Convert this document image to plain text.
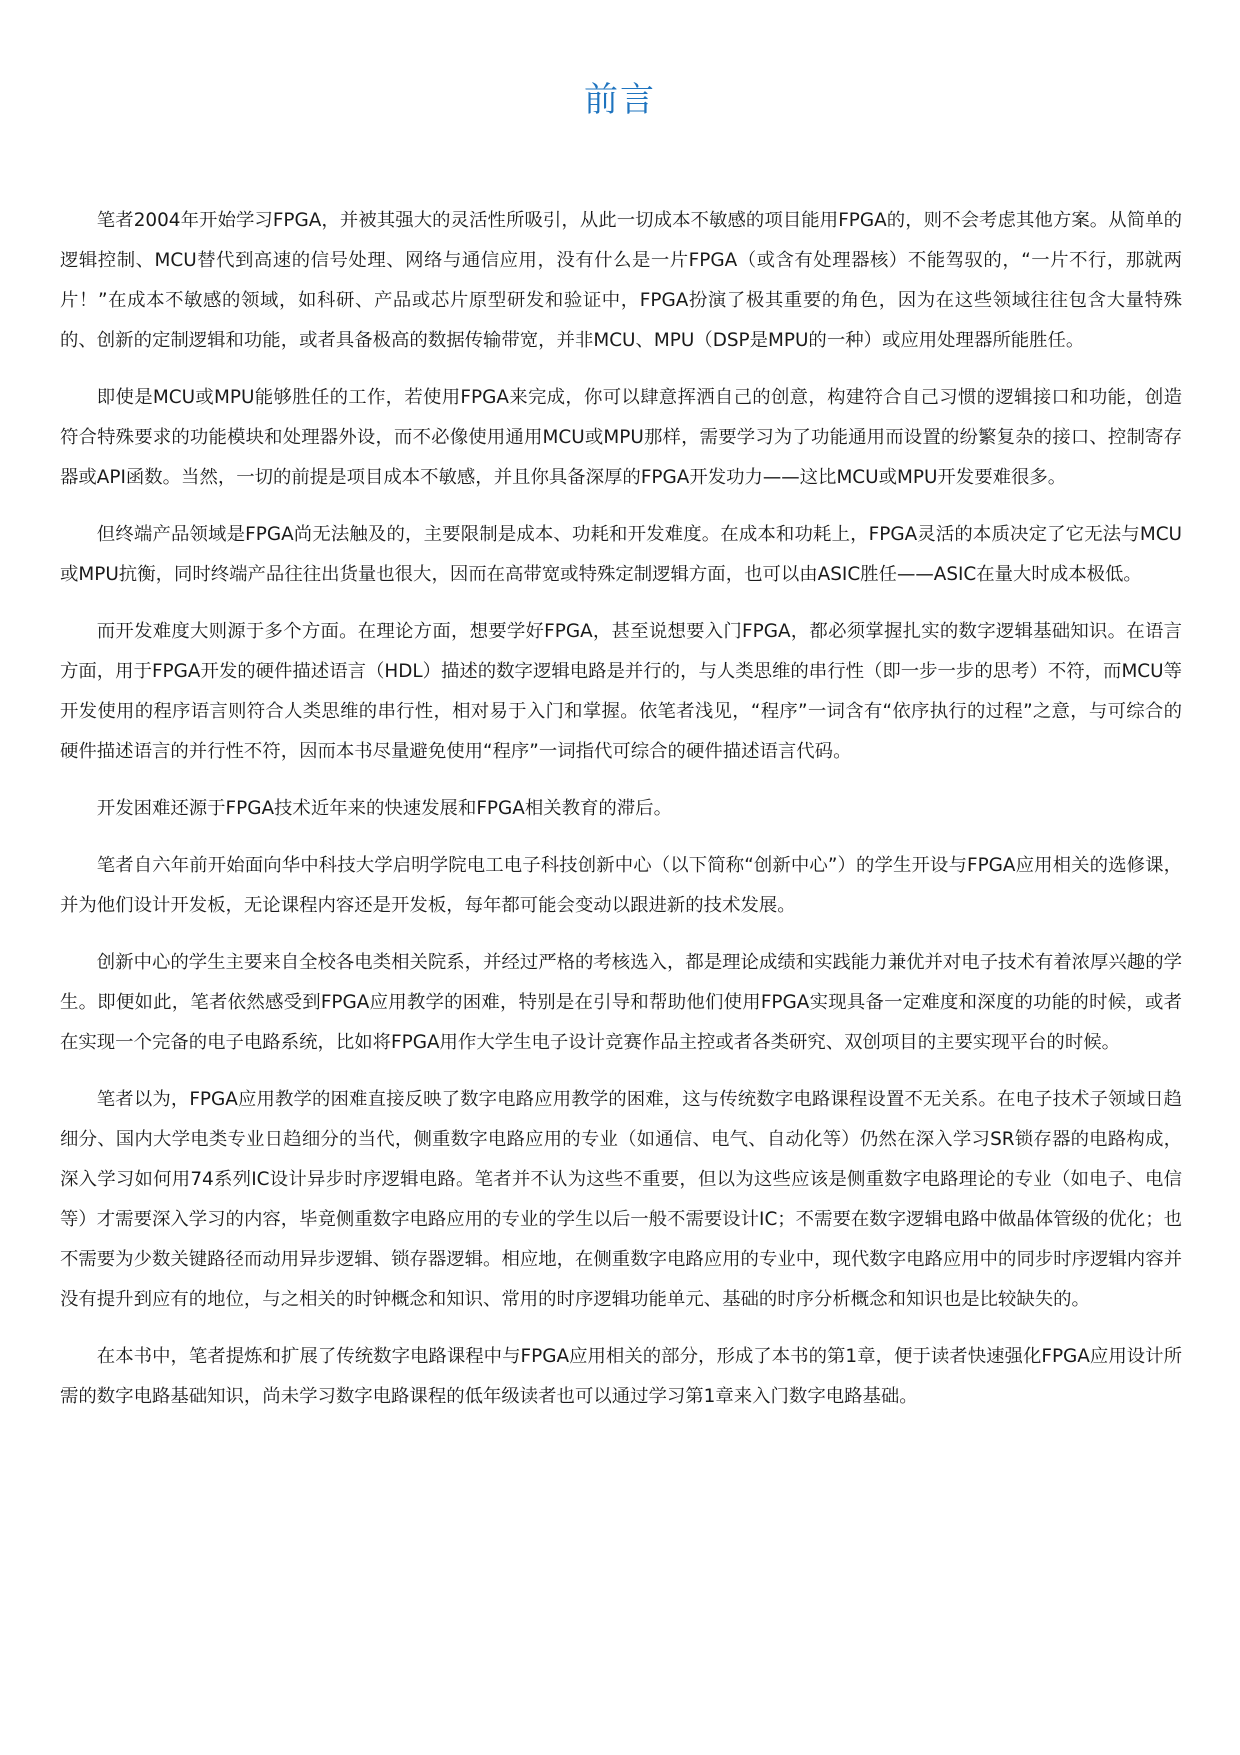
前言

笔者2004年开始学习FPGA，并被其强大的灵活性所吸引，从此一切成本不敏感的项目能用FPGA的，则不会考虑其他方案。从简单的逻辑控制、MCU替代到高速的信号处理、网络与通信应用，没有什么是一片FPGA（或含有处理器核）不能驾驭的，“一片不行，那就两片！”在成本不敏感的领域，如科研、产品或芯片原型研发和验证中，FPGA扮演了极其重要的角色，因为在这些领域往往包含大量特殊的、创新的定制逻辑和功能，或者具备极高的数据传输带宽，并非MCU、MPU（DSP是MPU的一种）或应用处理器所能胜任。

即使是MCU或MPU能够胜任的工作，若使用FPGA来完成，你可以肆意挥洒自己的创意，构建符合自己习惯的逻辑接口和功能，创造符合特殊要求的功能模块和处理器外设，而不必像使用通用MCU或MPU那样，需要学习为了功能通用而设置的纷繁复杂的接口、控制寄存器或API函数。当然，一切的前提是项目成本不敏感，并且你具备深厚的FPGA开发功力——这比MCU或MPU开发要难很多。

但终端产品领域是FPGA尚无法触及的，主要限制是成本、功耗和开发难度。在成本和功耗上，FPGA灵活的本质决定了它无法与MCU或MPU抗衡，同时终端产品往往出货量也很大，因而在高带宽或特殊定制逻辑方面，也可以由ASIC胜任——ASIC在量大时成本极低。

而开发难度大则源于多个方面。在理论方面，想要学好FPGA，甚至说想要入门FPGA，都必须掌握扎实的数字逻辑基础知识。在语言方面，用于FPGA开发的硬件描述语言（HDL）描述的数字逻辑电路是并行的，与人类思维的串行性（即一步一步的思考）不符，而MCU等开发使用的程序语言则符合人类思维的串行性，相对易于入门和掌握。依笔者浅见，“程序”一词含有“依序执行的过程”之意，与可综合的硬件描述语言的并行性不符，因而本书尽量避免使用“程序”一词指代可综合的硬件描述语言代码。

开发困难还源于FPGA技术近年来的快速发展和FPGA相关教育的滞后。

笔者自六年前开始面向华中科技大学启明学院电工电子科技创新中心（以下简称“创新中心”）的学生开设与FPGA应用相关的选修课，并为他们设计开发板，无论课程内容还是开发板，每年都可能会变动以跟进新的技术发展。

创新中心的学生主要来自全校各电类相关院系，并经过严格的考核选入，都是理论成绩和实践能力兼优并对电子技术有着浓厚兴趣的学生。即便如此，笔者依然感受到FPGA应用教学的困难，特别是在引导和帮助他们使用FPGA实现具备一定难度和深度的功能的时候，或者在实现一个完备的电子电路系统，比如将FPGA用作大学生电子设计竞赛作品主控或者各类研究、双创项目的主要实现平台的时候。

笔者以为，FPGA应用教学的困难直接反映了数字电路应用教学的困难，这与传统数字电路课程设置不无关系。在电子技术子领域日趋细分、国内大学电类专业日趋细分的当代，侧重数字电路应用的专业（如通信、电气、自动化等）仍然在深入学习SR锁存器的电路构成，深入学习如何用74系列IC设计异步时序逻辑电路。笔者并不认为这些不重要，但以为这些应该是侧重数字电路理论的专业（如电子、电信等）才需要深入学习的内容，毕竟侧重数字电路应用的专业的学生以后一般不需要设计IC；不需要在数字逻辑电路中做晶体管级的优化；也不需要为少数关键路径而动用异步逻辑、锁存器逻辑。相应地，在侧重数字电路应用的专业中，现代数字电路应用中的同步时序逻辑内容并没有提升到应有的地位，与之相关的时钟概念和知识、常用的时序逻辑功能单元、基础的时序分析概念和知识也是比较缺失的。

在本书中，笔者提炼和扩展了传统数字电路课程中与FPGA应用相关的部分，形成了本书的第1章，便于读者快速强化FPGA应用设计所需的数字电路基础知识，尚未学习数字电路课程的低年级读者也可以通过学习第1章来入门数字电路基础。
